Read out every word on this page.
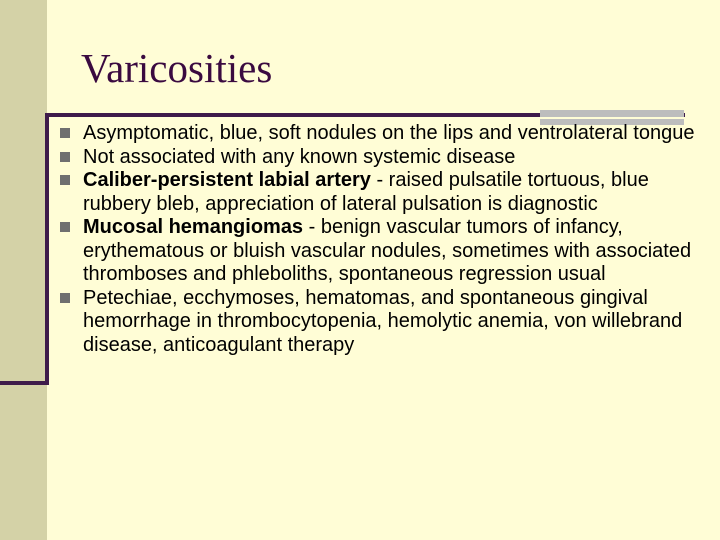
Varicosities
Asymptomatic, blue, soft nodules on the lips and ventrolateral tongue
Not associated with any known systemic disease
Caliber-persistent labial artery - raised pulsatile tortuous, blue rubbery bleb, appreciation of lateral pulsation is diagnostic
Mucosal hemangiomas - benign vascular tumors of infancy, erythematous or bluish vascular nodules, sometimes with associated thromboses and phleboliths, spontaneous regression usual
Petechiae, ecchymoses, hematomas, and spontaneous gingival hemorrhage in thrombocytopenia, hemolytic anemia, von willebrand disease, anticoagulant therapy
